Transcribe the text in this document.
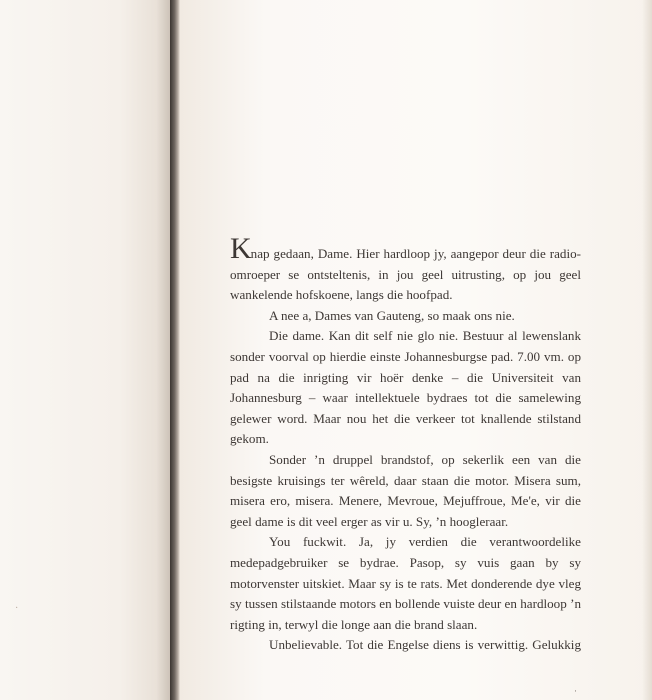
·

Knap gedaan, Dame. Hier hardloop jy, aangepor deur die radio-omroeper se ontsteltenis, in jou geel uitrusting, op jou geel wankelende hofskoene, langs die hoofpad.

A nee a, Dames van Gauteng, so maak ons nie.

Die dame. Kan dit self nie glo nie. Bestuur al lewenslank sonder voorval op hierdie einste Johannesburgse pad. 7.00 vm. op pad na die inrigting vir hoër denke – die Universiteit van Johannesburg – waar intellektuele bydraes tot die samelewing gelewer word. Maar nou het die verkeer tot knallende stilstand gekom.

Sonder ’n druppel brandstof, op sekerlik een van die besigste kruisings ter wêreld, daar staan die motor. Misera sum, misera ero, misera. Menere, Mevroue, Mejuffroue, Me'e, vir die geel dame is dit veel erger as vir u. Sy, ’n hoogleraar.

You fuckwit. Ja, jy verdien die verantwoordelike medepadgebruiker se bydrae. Pasop, sy vuis gaan by sy motorvenster uitskiet. Maar sy is te rats. Met donderende dye vleg sy tussen stilstaande motors en bollende vuiste deur en hardloop ’n rigting in, terwyl die longe aan die brand slaan.

Unbelievable. Tot die Engelse diens is verwittig. Gelukkig

·
